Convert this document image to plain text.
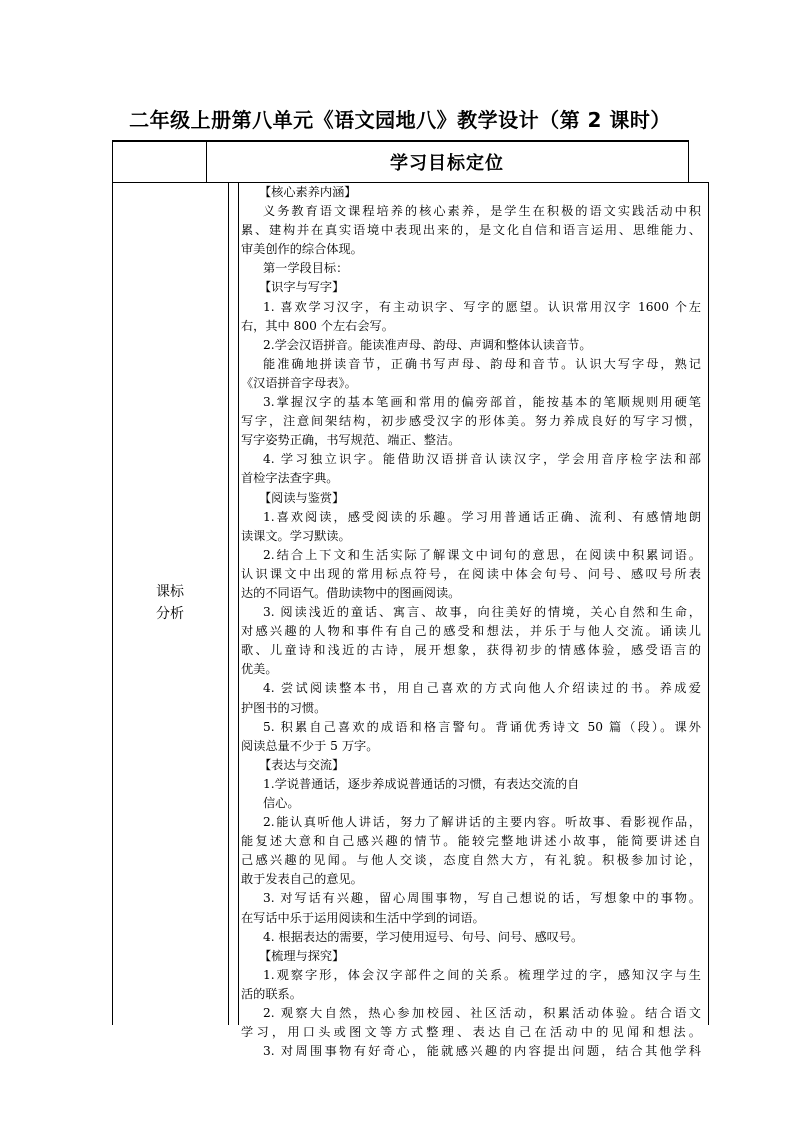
二年级上册第八单元《语文园地八》教学设计（第 2 课时）
学习目标定位
课标
分析
【核心素养内涵】
义务教育语文课程培养的核心素养，是学生在积极的语文实践活动中积
累、建构并在真实语境中表现出来的，是文化自信和语言运用、思维能力、
审美创作的综合体现。
第一学段目标：
【识字与写字】
1. 喜欢学习汉字，有主动识字、写字的愿望。认识常用汉字 1600 个左
右，其中 800 个左右会写。
2.学会汉语拼音。能读准声母、韵母、声调和整体认读音节。
能准确地拼读音节，正确书写声母、韵母和音节。认识大写字母，熟记
《汉语拼音字母表》。
3.掌握汉字的基本笔画和常用的偏旁部首，能按基本的笔顺规则用硬笔
写字，注意间架结构，初步感受汉字的形体美。努力养成良好的写字习惯，
写字姿势正确，书写规范、端正、整洁。
4. 学习独立识字。能借助汉语拼音认读汉字，学会用音序检字法和部
首检字法查字典。
【阅读与鉴赏】
1.喜欢阅读，感受阅读的乐趣。学习用普通话正确、流利、有感情地朗
读课文。学习默读。
2.结合上下文和生活实际了解课文中词句的意思，在阅读中积累词语。
认识课文中出现的常用标点符号，在阅读中体会句号、问号、感叹号所表
达的不同语气。借助读物中的图画阅读。
3. 阅读浅近的童话、寓言、故事，向往美好的情境，关心自然和生命，
对感兴趣的人物和事件有自己的感受和想法，并乐于与他人交流。诵读儿
歌、儿童诗和浅近的古诗，展开想象，获得初步的情感体验，感受语言的
优美。
4. 尝试阅读整本书，用自己喜欢的方式向他人介绍读过的书。养成爱
护图书的习惯。
5. 积累自己喜欢的成语和格言警句。背诵优秀诗文 50 篇（段）。课外
阅读总量不少于 5 万字。
【表达与交流】
1.学说普通话，逐步养成说普通话的习惯，有表达交流的自
信心。
2.能认真听他人讲话，努力了解讲话的主要内容。听故事、看影视作品，
能复述大意和自己感兴趣的情节。能较完整地讲述小故事，能简要讲述自
己感兴趣的见闻。与他人交谈，态度自然大方，有礼貌。积极参加讨论，
敢于发表自己的意见。
3. 对写话有兴趣，留心周围事物，写自己想说的话，写想象中的事物。
在写话中乐于运用阅读和生活中学到的词语。
4. 根据表达的需要，学习使用逗号、句号、问号、感叹号。
【梳理与探究】
1.观察字形，体会汉字部件之间的关系。梳理学过的字，感知汉字与生
活的联系。
2. 观察大自然，热心参加校园、社区活动，积累活动体验。结合语文
学习，用口头或图文等方式整理、表达自己在活动中的见闻和想法。
3. 对周围事物有好奇心，能就感兴趣的内容提出问题，结合其他学科
